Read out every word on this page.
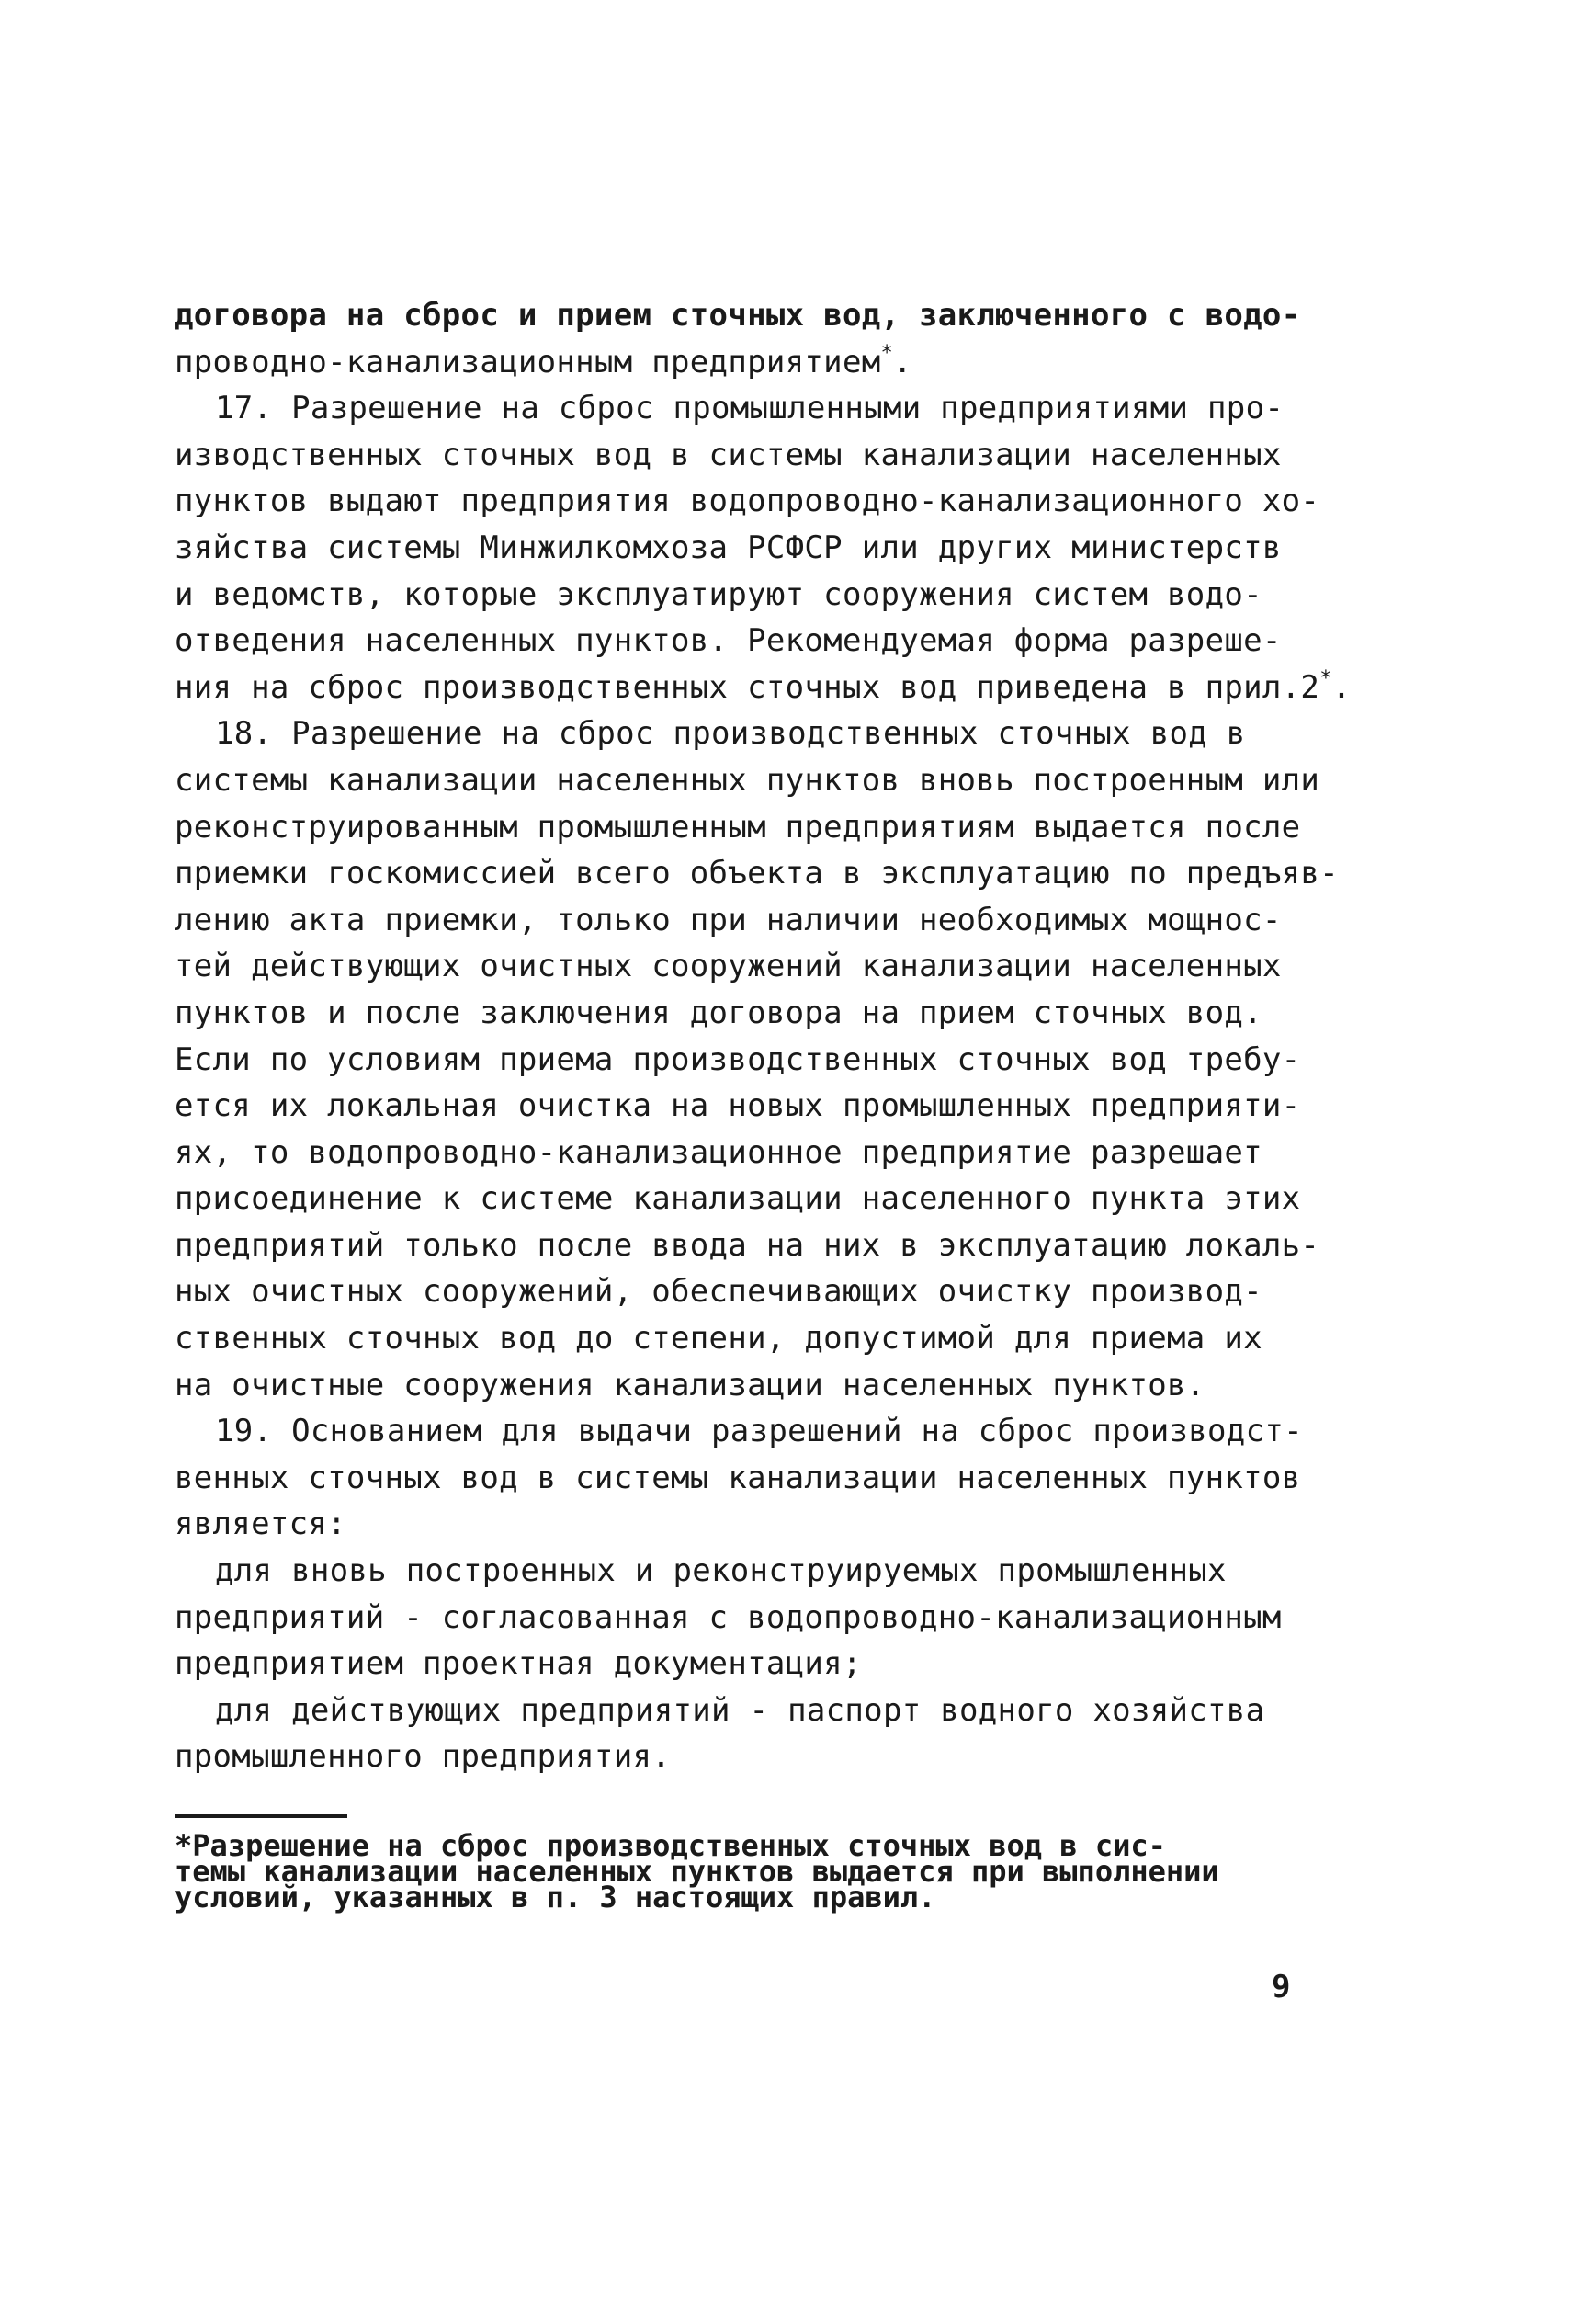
договора на сброс и прием сточных вод, заключенного с водо-
проводно-канализационным предприятием*.
17. Разрешение на сброс промышленными предприятиями про-
изводственных сточных вод в системы канализации населенных
пунктов выдают предприятия водопроводно-канализационного хо-
зяйства системы Минжилкомхоза РСФСР или других министерств
и ведомств, которые эксплуатируют сооружения систем водо-
отведения населенных пунктов. Рекомендуемая форма разреше-
ния на сброс производственных сточных вод приведена в прил.2*.
18. Разрешение на сброс производственных сточных вод в
системы канализации населенных пунктов вновь построенным или
реконструированным промышленным предприятиям выдается после
приемки госкомиссией всего объекта в эксплуатацию по предъяв-
лению акта приемки, только при наличии необходимых мощнос-
тей действующих очистных сооружений канализации населенных
пунктов и после заключения договора на прием сточных вод.
Если по условиям приема производственных сточных вод требу-
ется их локальная очистка на новых промышленных предприяти-
ях, то водопроводно-канализационное предприятие разрешает
присоединение к системе канализации населенного пункта этих
предприятий только после ввода на них в эксплуатацию локаль-
ных очистных сооружений, обеспечивающих очистку производ-
ственных сточных вод до степени, допустимой для приема их
на очистные сооружения канализации населенных пунктов.
19. Основанием для выдачи разрешений на сброс производст-
венных сточных вод в системы канализации населенных пунктов
является:
для вновь построенных и реконструируемых промышленных
предприятий - согласованная с водопроводно-канализационным
предприятием проектная документация;
для действующих предприятий - паспорт водного хозяйства
промышленного предприятия.
*Разрешение на сброс производственных сточных вод в сис-
темы канализации населенных пунктов выдается при выполнении
условий, указанных в п. 3 настоящих правил.
9
